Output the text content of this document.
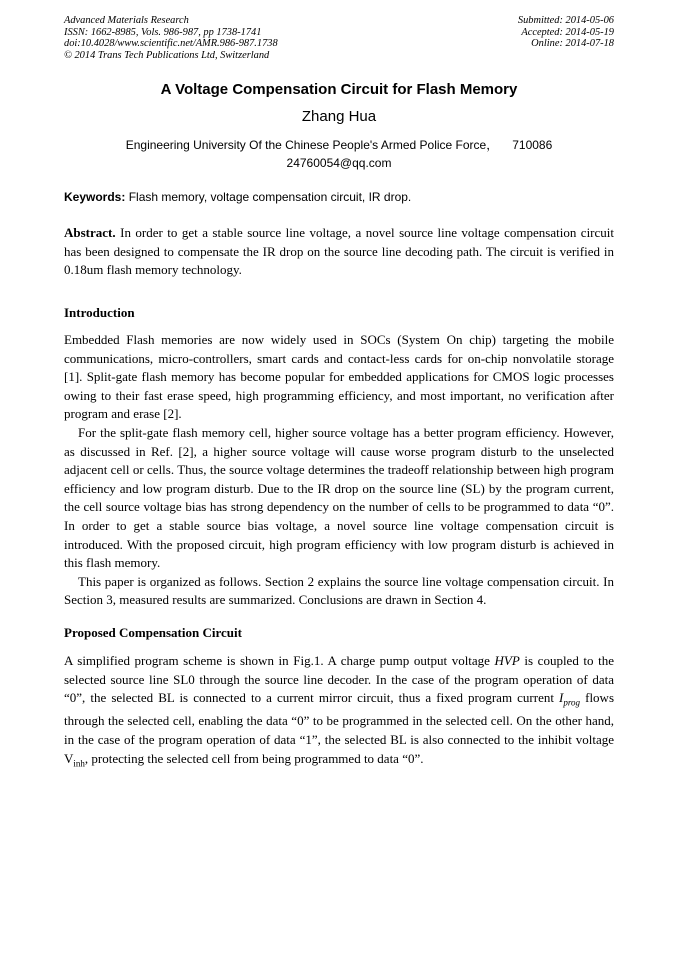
Advanced Materials Research
ISSN: 1662-8985, Vols. 986-987, pp 1738-1741
doi:10.4028/www.scientific.net/AMR.986-987.1738
© 2014 Trans Tech Publications Ltd, Switzerland
Submitted: 2014-05-06
Accepted: 2014-05-19
Online: 2014-07-18
A Voltage Compensation Circuit for Flash Memory
Zhang Hua
Engineering University Of the Chinese People's Armed Police Force， 710086
24760054@qq.com
Keywords: Flash memory, voltage compensation circuit, IR drop.

Abstract. In order to get a stable source line voltage, a novel source line voltage compensation circuit has been designed to compensate the IR drop on the source line decoding path. The circuit is verified in 0.18um flash memory technology.

Introduction

Embedded Flash memories are now widely used in SOCs (System On chip) targeting the mobile communications, micro-controllers, smart cards and contact-less cards for on-chip nonvolatile storage [1]. Split-gate flash memory has become popular for embedded applications for CMOS logic processes owing to their fast erase speed, high programming efficiency, and most important, no verification after program and erase [2].

For the split-gate flash memory cell, higher source voltage has a better program efficiency. However, as discussed in Ref. [2], a higher source voltage will cause worse program disturb to the unselected adjacent cell or cells. Thus, the source voltage determines the tradeoff relationship between high program efficiency and low program disturb. Due to the IR drop on the source line (SL) by the program current, the cell source voltage bias has strong dependency on the number of cells to be programmed to data “0”. In order to get a stable source bias voltage, a novel source line voltage compensation circuit is introduced. With the proposed circuit, high program efficiency with low program disturb is achieved in this flash memory.

This paper is organized as follows. Section 2 explains the source line voltage compensation circuit. In Section 3, measured results are summarized. Conclusions are drawn in Section 4.

Proposed Compensation Circuit

A simplified program scheme is shown in Fig.1. A charge pump output voltage HVP is coupled to the selected source line SL0 through the source line decoder. In the case of the program operation of data “0”, the selected BL is connected to a current mirror circuit, thus a fixed program current $I_{prog}$ flows through the selected cell, enabling the data “0” to be programmed in the selected cell. On the other hand, in the case of the program operation of data “1”, the selected BL is also connected to the inhibit voltage $V_{inh}$, protecting the selected cell from being programmed to data “0”.
